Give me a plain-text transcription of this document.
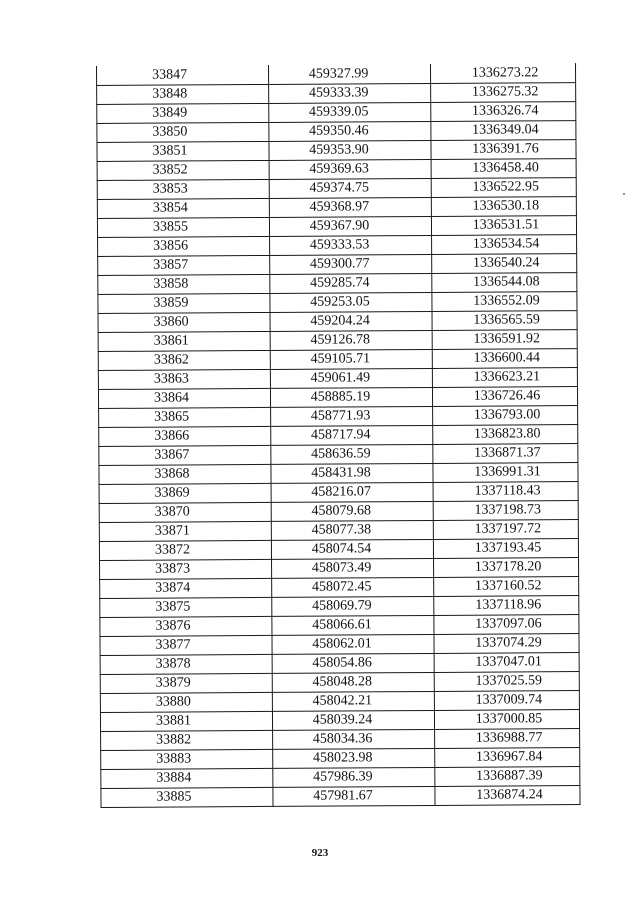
33847	459327.99	1336273.22
33848	459333.39	1336275.32
33849	459339.05	1336326.74
33850	459350.46	1336349.04
33851	459353.90	1336391.76
33852	459369.63	1336458.40
33853	459374.75	1336522.95
33854	459368.97	1336530.18
33855	459367.90	1336531.51
33856	459333.53	1336534.54
33857	459300.77	1336540.24
33858	459285.74	1336544.08
33859	459253.05	1336552.09
33860	459204.24	1336565.59
33861	459126.78	1336591.92
33862	459105.71	1336600.44
33863	459061.49	1336623.21
33864	458885.19	1336726.46
33865	458771.93	1336793.00
33866	458717.94	1336823.80
33867	458636.59	1336871.37
33868	458431.98	1336991.31
33869	458216.07	1337118.43
33870	458079.68	1337198.73
33871	458077.38	1337197.72
33872	458074.54	1337193.45
33873	458073.49	1337178.20
33874	458072.45	1337160.52
33875	458069.79	1337118.96
33876	458066.61	1337097.06
33877	458062.01	1337074.29
33878	458054.86	1337047.01
33879	458048.28	1337025.59
33880	458042.21	1337009.74
33881	458039.24	1337000.85
33882	458034.36	1336988.77
33883	458023.98	1336967.84
33884	457986.39	1336887.39
33885	457981.67	1336874.24
923
